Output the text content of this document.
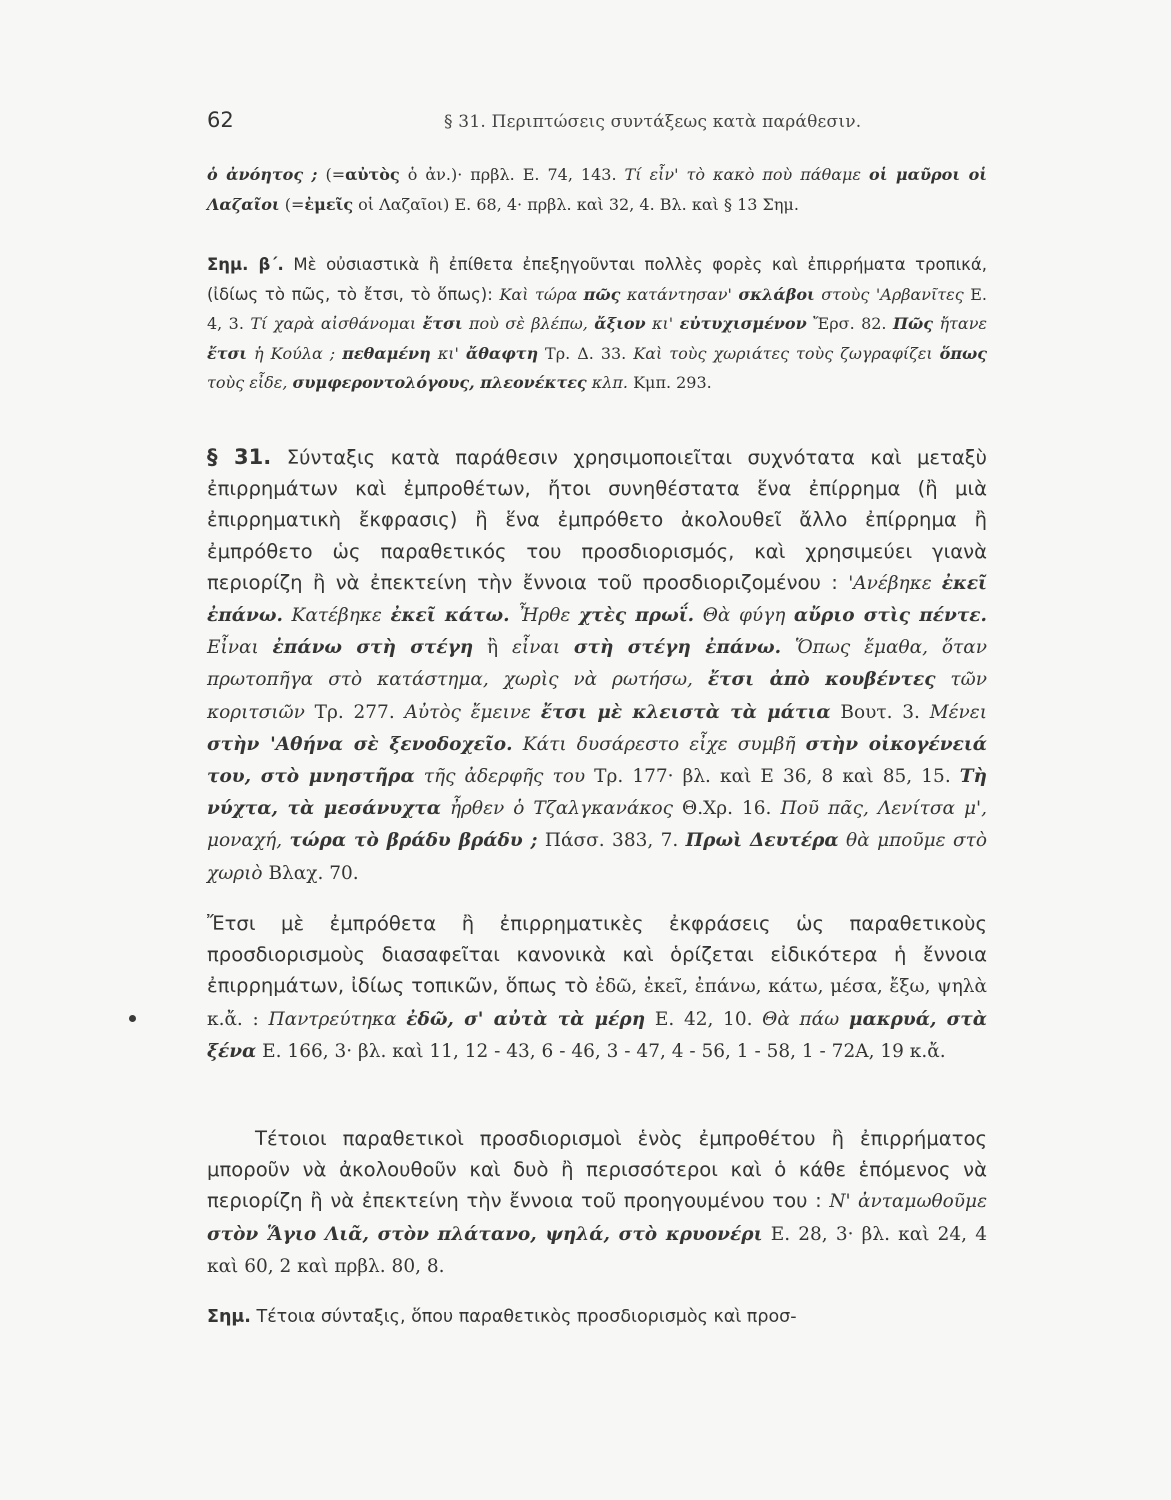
62	§ 31. Περιπτώσεις συντάξεως κατὰ παράθεσιν.
ὁ ἀνόητος ; (=αὐτὸς ὁ ἀν.)· πρβλ. Ε. 74, 143. Τί εἶν' τὸ κακὸ ποὺ πάθαμε οἱ μαῦροι οἱ Λαζαῖοι (=ἐμεῖς οἱ Λαζαῖοι) Ε. 68, 4· πρβλ. καὶ 32, 4. Βλ. καὶ § 13 Σημ.
Σημ. β΄. Μὲ οὐσιαστικὰ ἢ ἐπίθετα ἐπεξηγοῦνται πολλὲς φορὲς καὶ ἐπιρρήματα τροπικά, (ἰδίως τὸ πῶς, τὸ ἔτσι, τὸ ὅπως): Καὶ τώρα πῶς κατάντησαν' σκλάβοι στοὺς 'Αρβανῖτες Ε. 4, 3. Τί χαρὰ αἰσθάνομαι ἔτσι ποὺ σὲ βλέπω, ἄξιον κι' εὐτυχισμένον Ἔρσ. 82. Πῶς ἤτανε ἔτσι ἡ Κούλα ; πεθαμένη κι' ἄθαφτη Τρ. Δ. 33. Καὶ τοὺς χωριάτες τοὺς ζωγραφίζει ὅπως τοὺς εἶδε, συμφεροντολόγους, πλεονέκτες κλπ. Κμπ. 293.
§ 31. Σύνταξις κατὰ παράθεσιν χρησιμοποιεῖται συχνότατα καὶ μεταξὺ ἐπιρρημάτων καὶ ἐμπροθέτων, ἤτοι συνηθέστατα ἕνα ἐπίρρημα (ἢ μιὰ ἐπιρρηματικὴ ἔκφρασις) ἢ ἕνα ἐμπρόθετο ἀκολουθεῖ ἄλλο ἐπίρρημα ἢ ἐμπρόθετο ὡς παραθετικός του προσδιορισμός, καὶ χρησιμεύει γιανὰ περιορίζη ἢ νὰ ἐπεκτείνη τὴν ἔννοια τοῦ προσδιοριζομένου : 'Ανέβηκε ἐκεῖ ἐπάνω. Κατέβηκε ἐκεῖ κάτω. Ἦρθε χτὲς πρωΐ. Θὰ φύγη αὔριο στὶς πέντε. Εἶναι ἐπάνω στὴ στέγη ἢ εἶναι στὴ στέγη ἐπάνω. Ὅπως ἔμαθα, ὅταν πρωτοπῆγα στὸ κατάστημα, χωρὶς νὰ ρωτήσω, ἔτσι ἀπὸ κουβέντες τῶν κοριτσιῶν Τρ. 277. Αὐτὸς ἔμεινε ἔτσι μὲ κλειστὰ τὰ μάτια Βουτ. 3. Μένει στὴν 'Αθήνα σὲ ξενοδοχεῖο. Κάτι δυσάρεστο εἶχε συμβῆ στὴν οἰκογένειά του, στὸ μνηστῆρα τῆς ἀδερφῆς του Τρ. 177· βλ. καὶ Ε 36, 8 καὶ 85, 15. Τὴ νύχτα, τὰ μεσάνυχτα ἦρθεν ὁ Τζαλγκανάκος Θ.Χρ. 16. Ποῦ πᾶς, Λενίτσα μ', μοναχή, τώρα τὸ βράδυ βράδυ ; Πάσσ. 383, 7. Πρωὶ Δευτέρα θὰ μποῦμε στὸ χωριὸ Βλαχ. 70.
Ἔτσι μὲ ἐμπρόθετα ἢ ἐπιρρηματικὲς ἐκφράσεις ὡς παραθετικοὺς προσδιορισμοὺς διασαφεῖται κανονικὰ καὶ ὁρίζεται εἰδικότερα ἡ ἔννοια ἐπιρρημάτων, ἰδίως τοπικῶν, ὅπως τὸ ἐδῶ, ἐκεῖ, ἐπάνω, κάτω, μέσα, ἔξω, ψηλὰ κ.ἄ. : Παντρεύτηκα ἐδῶ, σ' αὐτὰ τὰ μέρη Ε. 42, 10. Θὰ πάω μακρυά, στὰ ξένα Ε. 166, 3· βλ. καὶ 11, 12 - 43, 6 - 46, 3 - 47, 4 - 56, 1 - 58, 1 - 72Α, 19 κ.ἄ.
Τέτοιοι παραθετικοὶ προσδιορισμοὶ ἑνὸς ἐμπροθέτου ἢ ἐπιρρήματος μποροῦν νὰ ἀκολουθοῦν καὶ δυὸ ἢ περισσότεροι καὶ ὁ κάθε ἑπόμενος νὰ περιορίζη ἢ νὰ ἐπεκτείνη τὴν ἔννοια τοῦ προηγουμένου του : Ν' ἀνταμωθοῦμε στὸν Ἅγιο Λιᾶ, στὸν πλάτανο, ψηλά, στὸ κρυονέρι Ε. 28, 3· βλ. καὶ 24, 4 καὶ 60, 2 καὶ πρβλ. 80, 8.
Σημ. Τέτοια σύνταξις, ὅπου παραθετικὸς προσδιορισμὸς καὶ προσ-
